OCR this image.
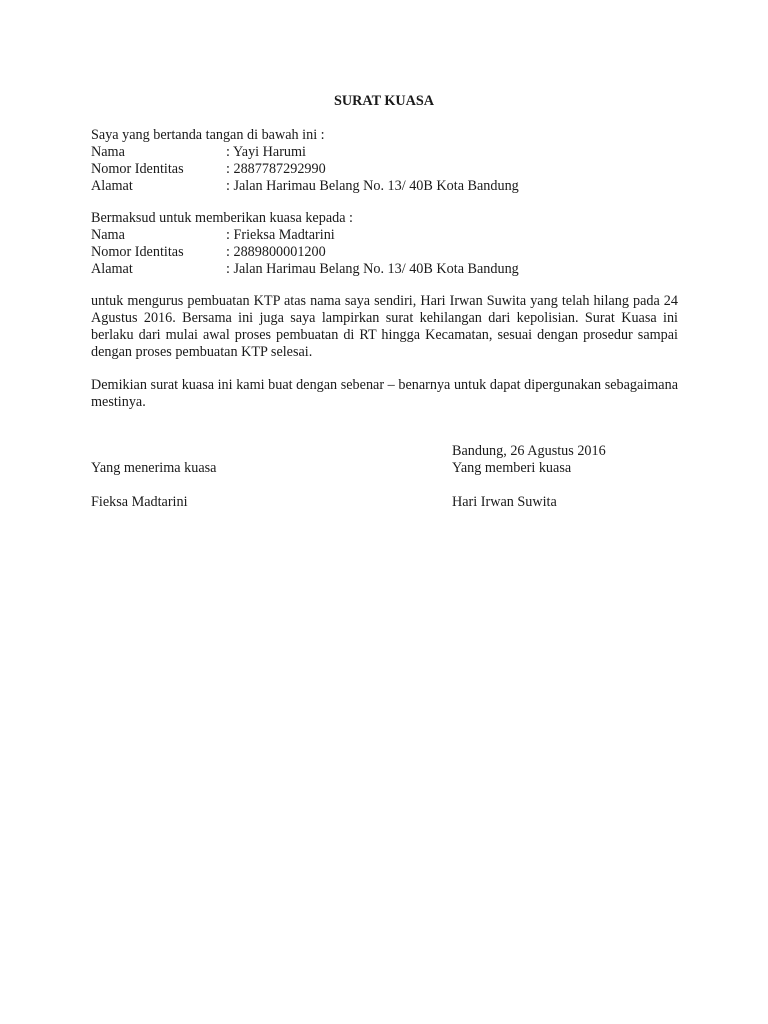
SURAT KUASA
Saya yang bertanda tangan di bawah ini :
Nama	: Yayi Harumi
Nomor Identitas	: 2887787292990
Alamat	: Jalan Harimau Belang No. 13/ 40B Kota Bandung
Bermaksud untuk memberikan kuasa kepada :
Nama	: Frieksa Madtarini
Nomor Identitas	: 2889800001200
Alamat	: Jalan Harimau Belang No. 13/ 40B Kota Bandung
untuk mengurus pembuatan KTP atas nama saya sendiri, Hari Irwan Suwita yang telah hilang pada 24 Agustus 2016. Bersama ini juga saya lampirkan surat kehilangan dari kepolisian. Surat Kuasa ini berlaku dari mulai awal proses pembuatan di RT hingga Kecamatan, sesuai dengan prosedur sampai dengan proses pembuatan KTP selesai.
Demikian surat kuasa ini kami buat dengan sebenar – benarnya untuk dapat dipergunakan sebagaimana mestinya.
Bandung, 26 Agustus 2016
Yang menerima kuasa	Yang memberi kuasa
Fieksa Madtarini	Hari Irwan Suwita
